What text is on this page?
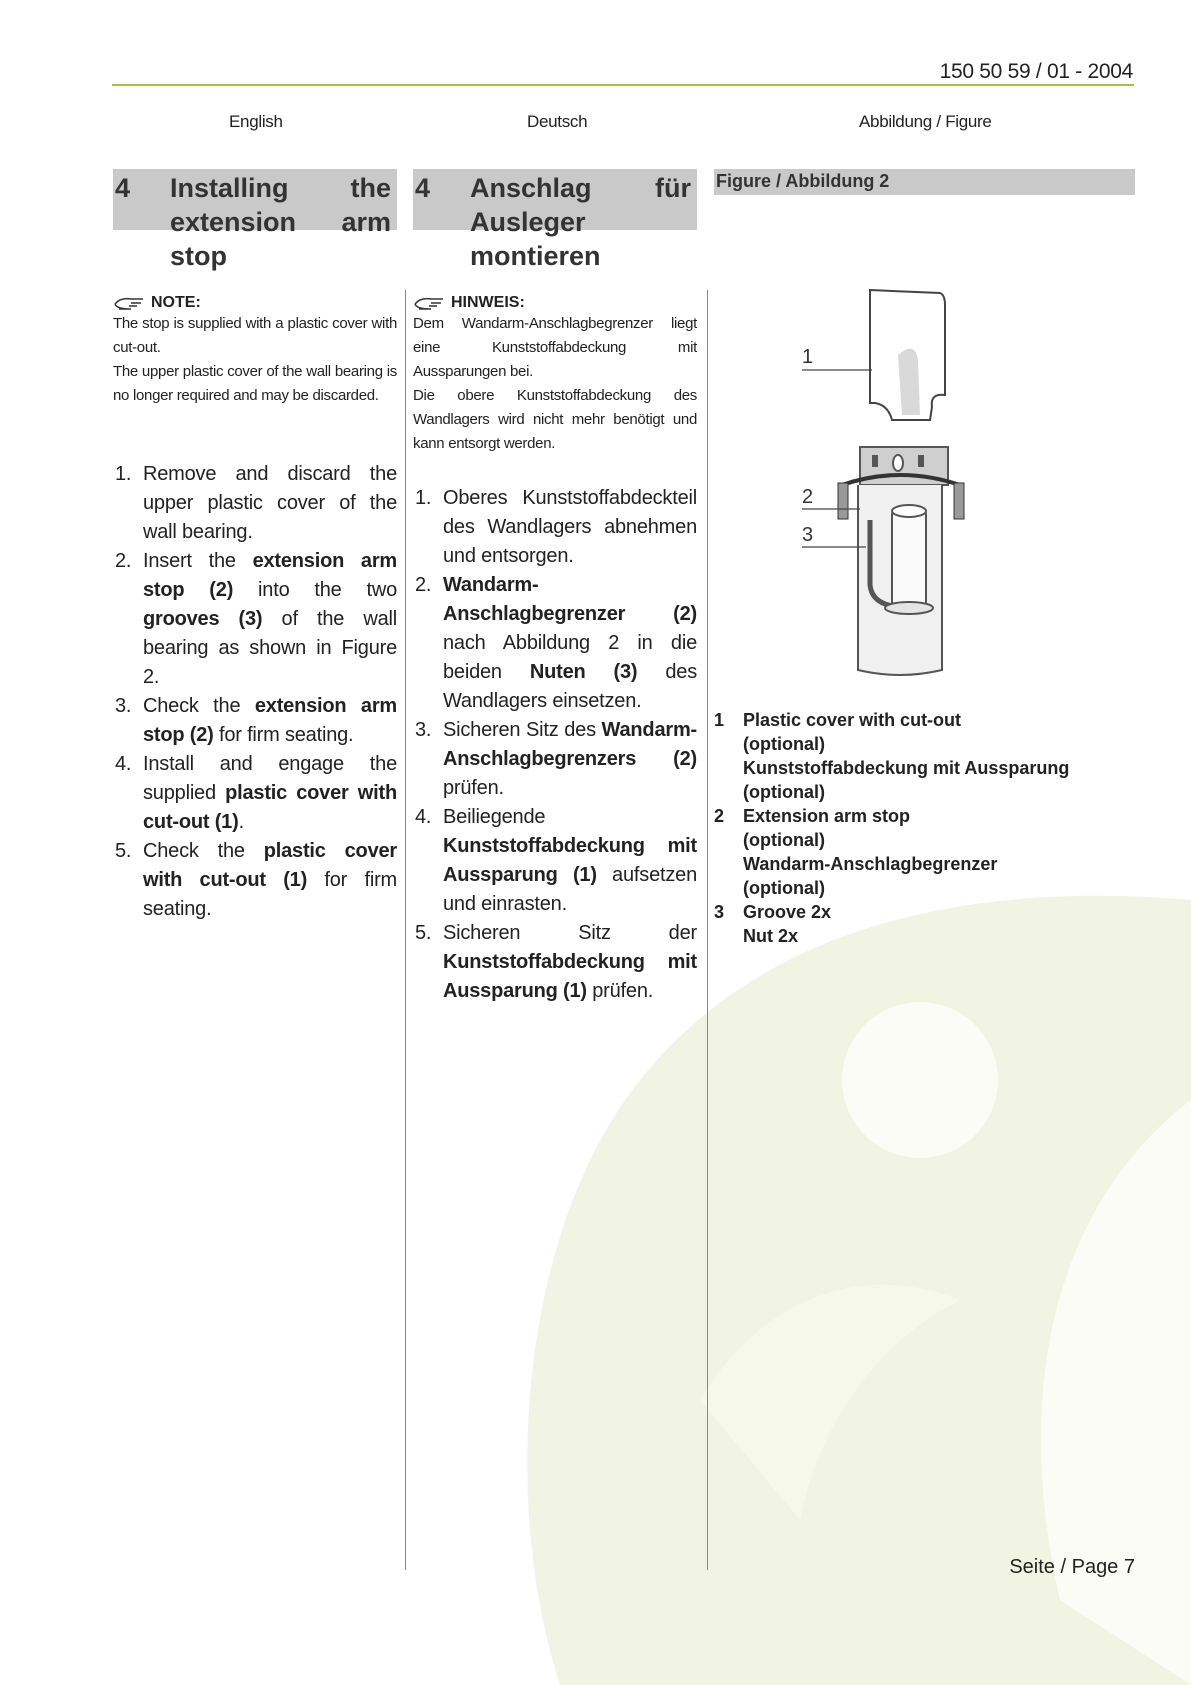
150 50 59 / 01 - 2004
English	Deutsch	Abbildung / Figure
4 Installing the extension arm stop
4 Anschlag für Ausleger montieren
Figure / Abbildung 2
NOTE:

The stop is supplied with a plastic cover with cut-out.

The upper plastic cover of the wall bearing is no longer required and may be discarded.

HINWEIS:

Dem Wandarm-Anschlagbegrenzer liegt eine Kunststoffabdeckung mit Aussparungen bei.

Die obere Kunststoffabdeckung des Wandlagers wird nicht mehr benötigt und kann entsorgt werden.

1. Remove and discard the upper plastic cover of the wall bearing.
2. Insert the extension arm stop (2) into the two grooves (3) of the wall bearing as shown in Figure 2.
3. Check the extension arm stop (2) for firm seating.
4. Install and engage the supplied plastic cover with cut-out (1).
5. Check the plastic cover with cut-out (1) for firm seating.
1. Oberes Kunststoffabdeckteil des Wandlagers abnehmen und entsorgen.
2. Wandarm-Anschlagbegrenzer (2) nach Abbildung 2 in die beiden Nuten (3) des Wandlagers einsetzen.
3. Sicheren Sitz des Wandarm-Anschlagbegrenzers (2) prüfen.
4. Beiliegende Kunststoffabdeckung mit Aussparung (1) aufsetzen und einrasten.
5. Sicheren Sitz der Kunststoffabdeckung mit Aussparung (1) prüfen.
1
2
3
1 Plastic cover with cut-out
(optional)
Kunststoffabdeckung mit Aussparung
(optional)
2 Extension arm stop
(optional)
Wandarm-Anschlagbegrenzer
(optional)
3 Groove 2x
Nut 2x
Seite / Page 7
